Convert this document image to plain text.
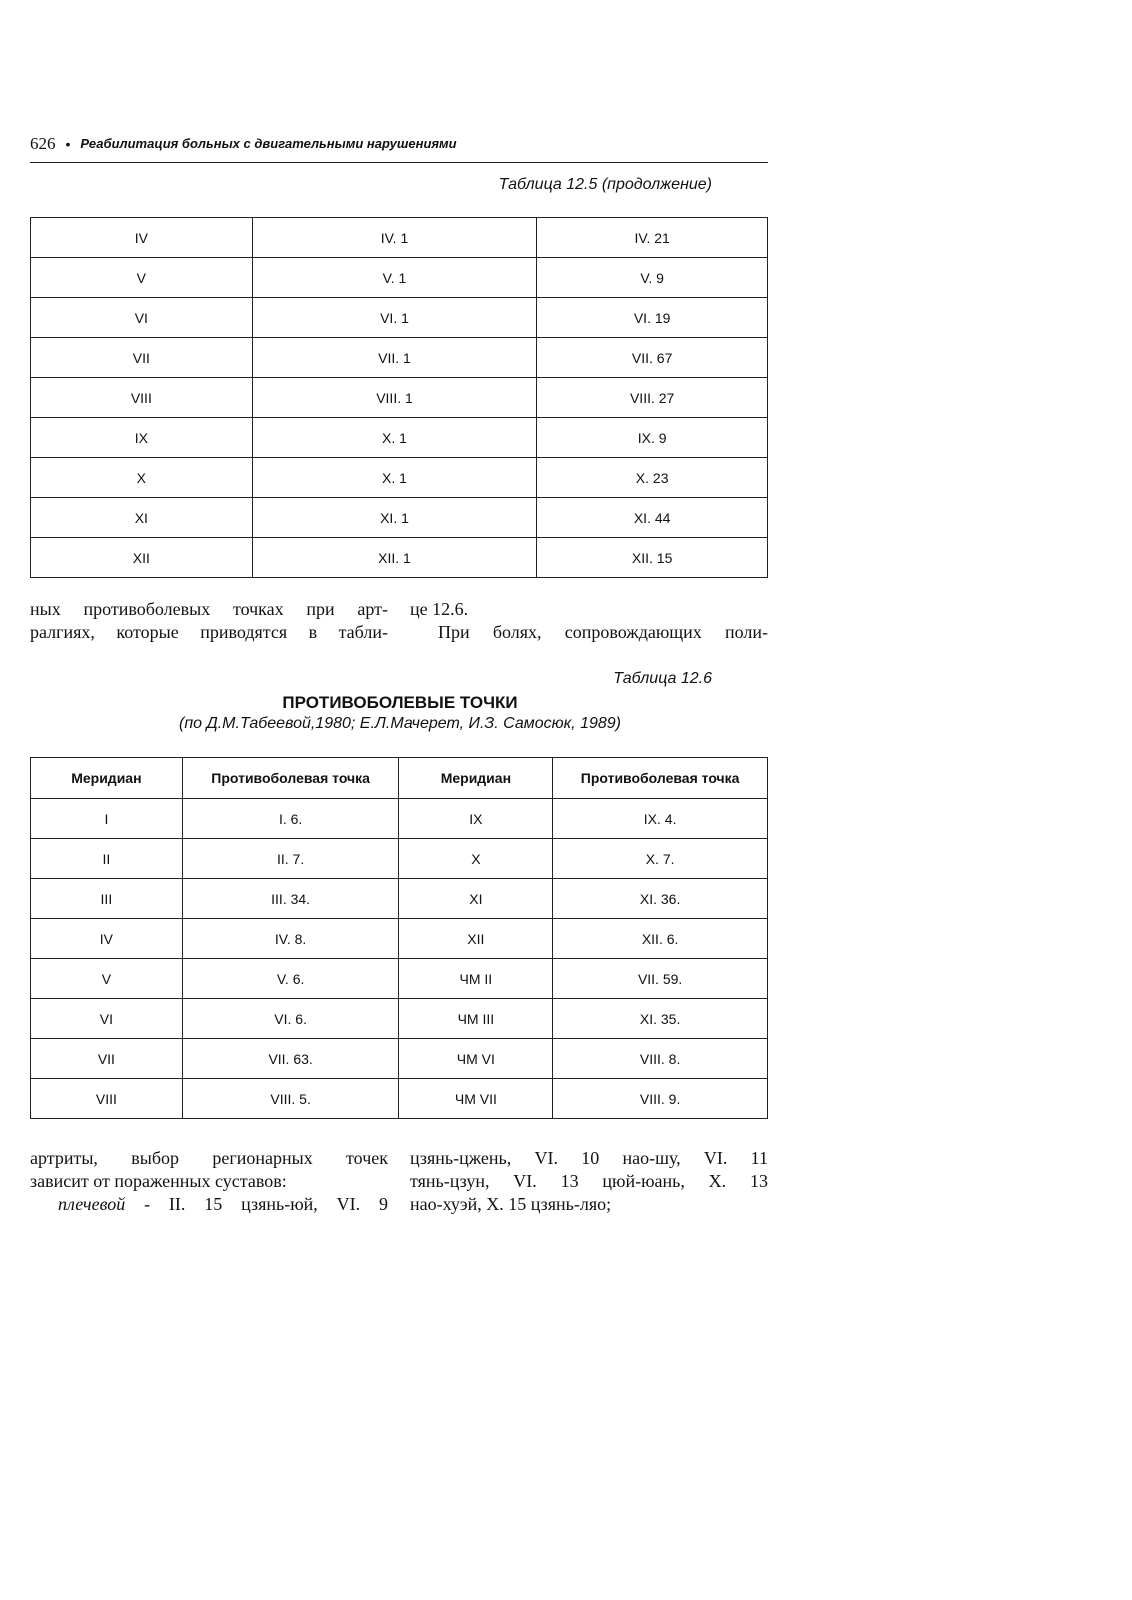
626 • Реабилитация больных с двигательными нарушениями
Таблица 12.5 (продолжение)
IV	IV. 1	IV. 21
V	V. 1	V. 9
VI	VI. 1	VI. 19
VII	VII. 1	VII. 67
VIII	VIII. 1	VIII. 27
IX	X. 1	IX. 9
X	X. 1	X. 23
XI	XI. 1	XI. 44
XII	XII. 1	XII. 15
ных противоболевых точках при арт-
ралгиях, которые приводятся в табли-
це 12.6.
При болях, сопровождающих поли-
Таблица 12.6
ПРОТИВОБОЛЕВЫЕ ТОЧКИ
(по Д.М.Табеевой,1980; Е.Л.Мачерет, И.З. Самосюк, 1989)
Меридиан	Противоболевая точка	Меридиан	Противоболевая точка
I	I. 6.	IX	IX. 4.
II	II. 7.	X	X. 7.
III	III. 34.	XI	XI. 36.
IV	IV. 8.	XII	XII. 6.
V	V. 6.	ЧМ II	VII. 59.
VI	VI. 6.	ЧМ III	XI. 35.
VII	VII. 63.	ЧМ VI	VIII. 8.
VIII	VIII. 5.	ЧМ VII	VIII. 9.
артриты, выбор регионарных точек
зависит от пораженных суставов:
плечевой - II. 15 цзянь-юй, VI. 9
цзянь-цжень, VI. 10 нао-шу, VI. 11
тянь-цзун, VI. 13 цюй-юань, X. 13
нао-хуэй, X. 15 цзянь-ляо;
